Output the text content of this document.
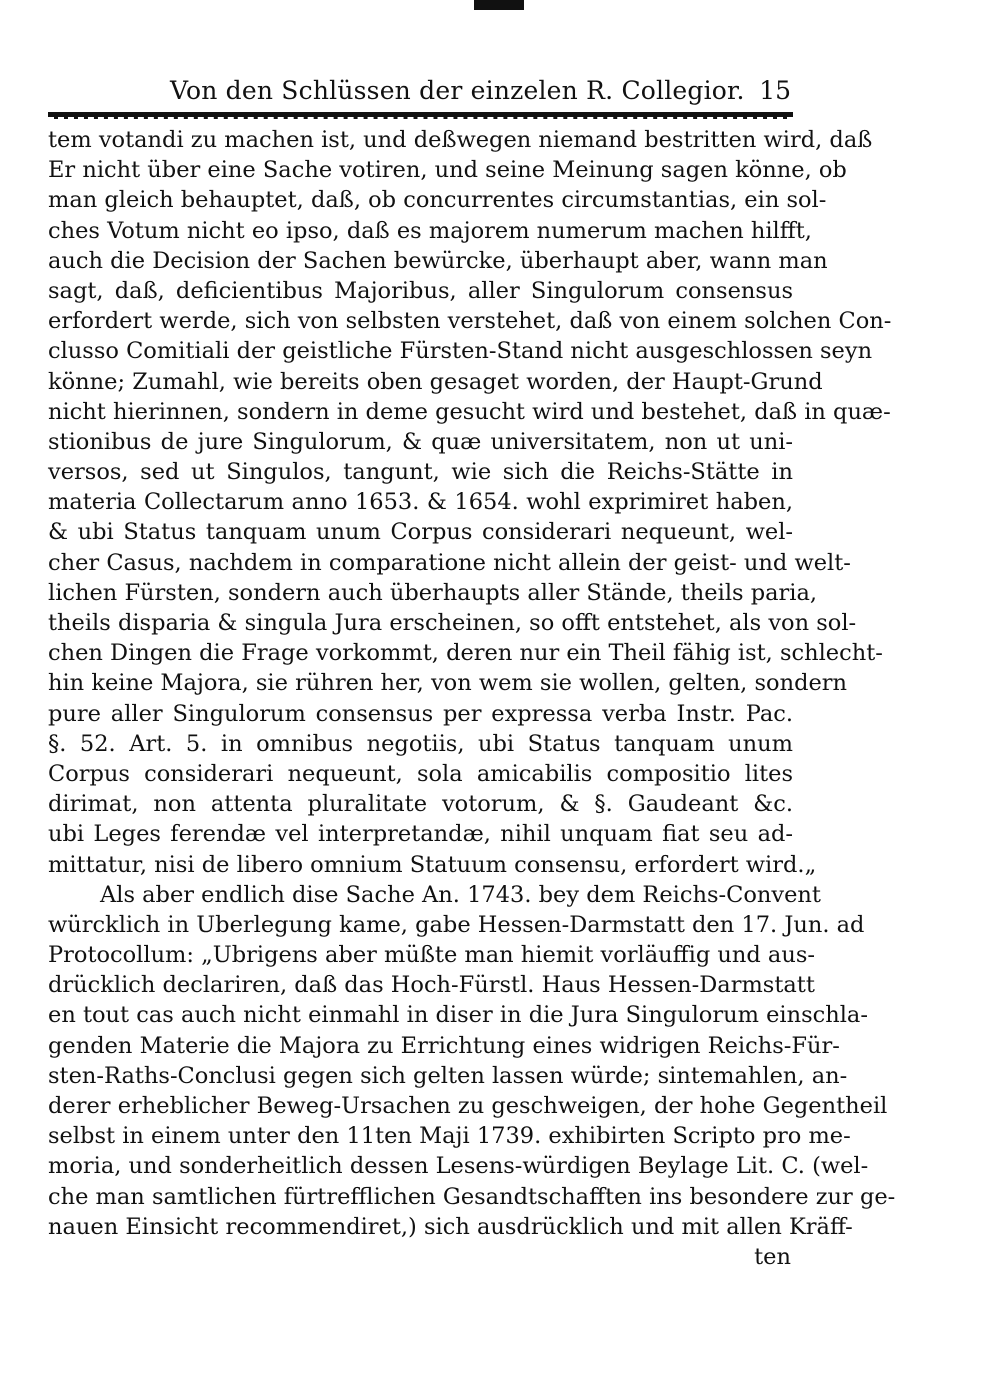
Von den Schlüssen der einzelen R. Collegior. 15
tem votandi zu machen ist, und deßwegen niemand bestritten wird, daß
Er nicht über eine Sache votiren, und seine Meinung sagen könne, ob
man gleich behauptet, daß, ob concurrentes circumstantias, ein sol-
ches Votum nicht eo ipso, daß es majorem numerum machen hilfft,
auch die Decision der Sachen bewürcke, überhaupt aber, wann man
sagt, daß, deficientibus Majoribus, aller Singulorum consensus
erfordert werde, sich von selbsten verstehet, daß von einem solchen Con-
clusso Comitiali der geistliche Fürsten-Stand nicht ausgeschlossen seyn
könne; Zumahl, wie bereits oben gesaget worden, der Haupt-Grund
nicht hierinnen, sondern in deme gesucht wird und bestehet, daß in quæ-
stionibus de jure Singulorum, & quæ universitatem, non ut uni-
versos, sed ut Singulos, tangunt, wie sich die Reichs-Stätte in
materia Collectarum anno 1653. & 1654. wohl exprimiret haben,
& ubi Status tanquam unum Corpus considerari nequeunt, wel-
cher Casus, nachdem in comparatione nicht allein der geist- und welt-
lichen Fürsten, sondern auch überhaupts aller Stände, theils paria,
theils disparia & singula Jura erscheinen, so offt entstehet, als von sol-
chen Dingen die Frage vorkommt, deren nur ein Theil fähig ist, schlecht-
hin keine Majora, sie rühren her, von wem sie wollen, gelten, sondern
pure aller Singulorum consensus per expressa verba Instr. Pac.
§. 52. Art. 5. in omnibus negotiis, ubi Status tanquam unum
Corpus considerari nequeunt, sola amicabilis compositio lites
dirimat, non attenta pluralitate votorum, & §. Gaudeant &c.
ubi Leges ferendæ vel interpretandæ, nihil unquam fiat seu ad-
mittatur, nisi de libero omnium Statuum consensu, erfordert wird.„
Als aber endlich dise Sache An. 1743. bey dem Reichs-Convent
würcklich in Uberlegung kame, gabe Hessen-Darmstatt den 17. Jun. ad
Protocollum: „Ubrigens aber müßte man hiemit vorläuffig und aus-
drücklich declariren, daß das Hoch-Fürstl. Haus Hessen-Darmstatt
en tout cas auch nicht einmahl in diser in die Jura Singulorum einschla-
genden Materie die Majora zu Errichtung eines widrigen Reichs-Für-
sten-Raths-Conclusi gegen sich gelten lassen würde; sintemahlen, an-
derer erheblicher Beweg-Ursachen zu geschweigen, der hohe Gegentheil
selbst in einem unter den 11ten Maji 1739. exhibirten Scripto pro me-
moria, und sonderheitlich dessen Lesens-würdigen Beylage Lit. C. (wel-
che man samtlichen fürtrefflichen Gesandtschafften ins besondere zur ge-
nauen Einsicht recommendiret,) sich ausdrücklich und mit allen Kräff-
ten
